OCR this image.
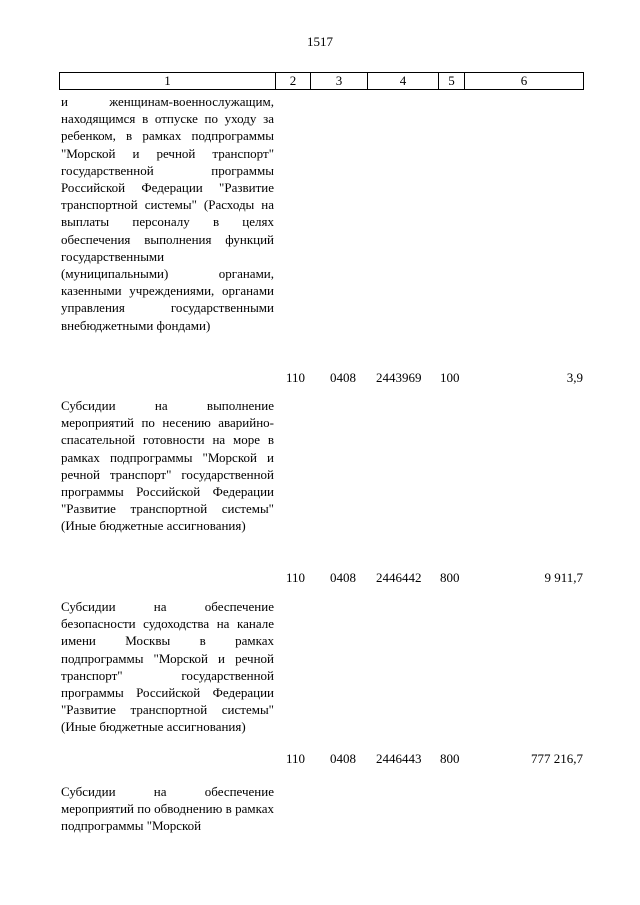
1517
1	2	3	4	5	6
и женщинам-военнослужащим, находящимся в отпуске по уходу за ребенком, в рамках подпрограммы "Морской и речной транспорт" государственной программы Российской Федерации "Развитие транспортной системы" (Расходы на выплаты персоналу в целях обеспечения выполнения функций государственными (муниципальными) органами, казенными учреждениями, органами управления государственными внебюджетными фондами)
110 0408 2443969 100	3,9
Субсидии на выполнение мероприятий по несению аварийно-спасательной готовности на море в рамках подпрограммы "Морской и речной транспорт" государственной программы Российской Федерации "Развитие транспортной системы" (Иные бюджетные ассигнования)
110 0408 2446442 800	9 911,7
Субсидии на обеспечение безопасности судоходства на канале имени Москвы в рамках подпрограммы "Морской и речной транспорт" государственной программы Российской Федерации "Развитие транспортной системы" (Иные бюджетные ассигнования)
110 0408 2446443 800	777 216,7
Субсидии на обеспечение мероприятий по обводнению в рамках подпрограммы "Морской
